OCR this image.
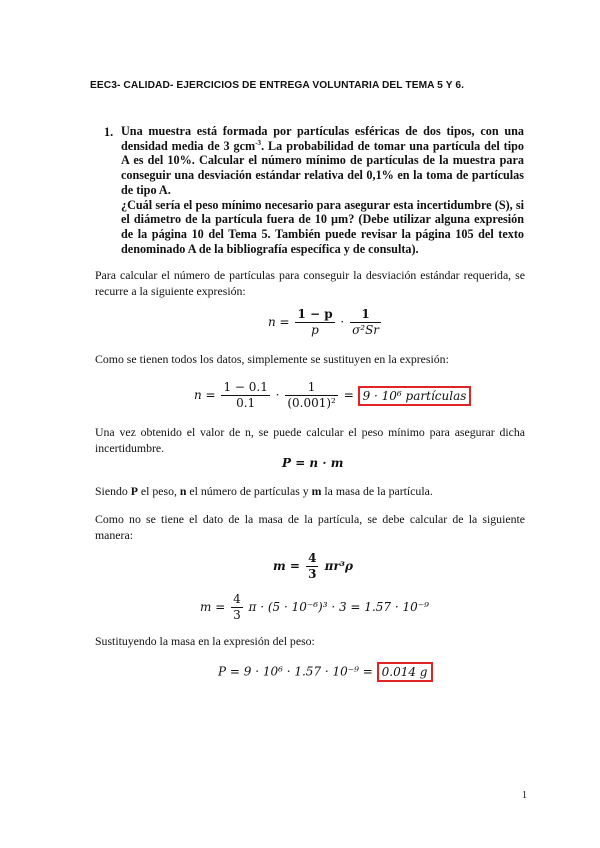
EEC3- CALIDAD- EJERCICIOS DE ENTREGA VOLUNTARIA DEL TEMA 5 Y 6.
1. Una muestra está formada por partículas esféricas de dos tipos, con una densidad media de 3 gcm$^{-3}$. La probabilidad de tomar una partícula del tipo A es del 10%. Calcular el número mínimo de partículas de la muestra para conseguir una desviación estándar relativa del 0,1% en la toma de partículas de tipo A.

¿Cuál sería el peso mínimo necesario para asegurar esta incertidumbre (S), si el diámetro de la partícula fuera de 10 µm? (Debe utilizar alguna expresión de la página 10 del Tema 5. También puede revisar la página 105 del texto denominado A de la bibliografía específica y de consulta).

Para calcular el número de partículas para conseguir la desviación estándar requerida, se recurre a la siguiente expresión:

$n = \frac{1 - p}{p} \cdot \frac{1}{\text{σ²Sr}}$

Como se tienen todos los datos, simplemente se sustituyen en la expresión:

$n = \frac{1 - 0.1}{0.1} \cdot \frac{1}{\text{(0.001)²}} = 9 \cdot 10^6$ partículas

Una vez obtenido el valor de n, se puede calcular el peso mínimo para asegurar dicha incertidumbre.

P = n · m

Siendo P el peso, n el número de partículas y m la masa de la partícula.

Como no se tiene el dato de la masa de la partícula, se debe calcular de la siguiente manera:

$m = \frac{4}{3} \pi r^3\rho$
$m = \frac{4}{3}$ π · (5 · 10⁻⁶)³ · 3 = 1.57 · 10⁻⁹

Sustituyendo la masa en la expresión del peso:

P = 9 · 10⁶ · 1.57 · 10⁻⁹ = 0.014 g
1
